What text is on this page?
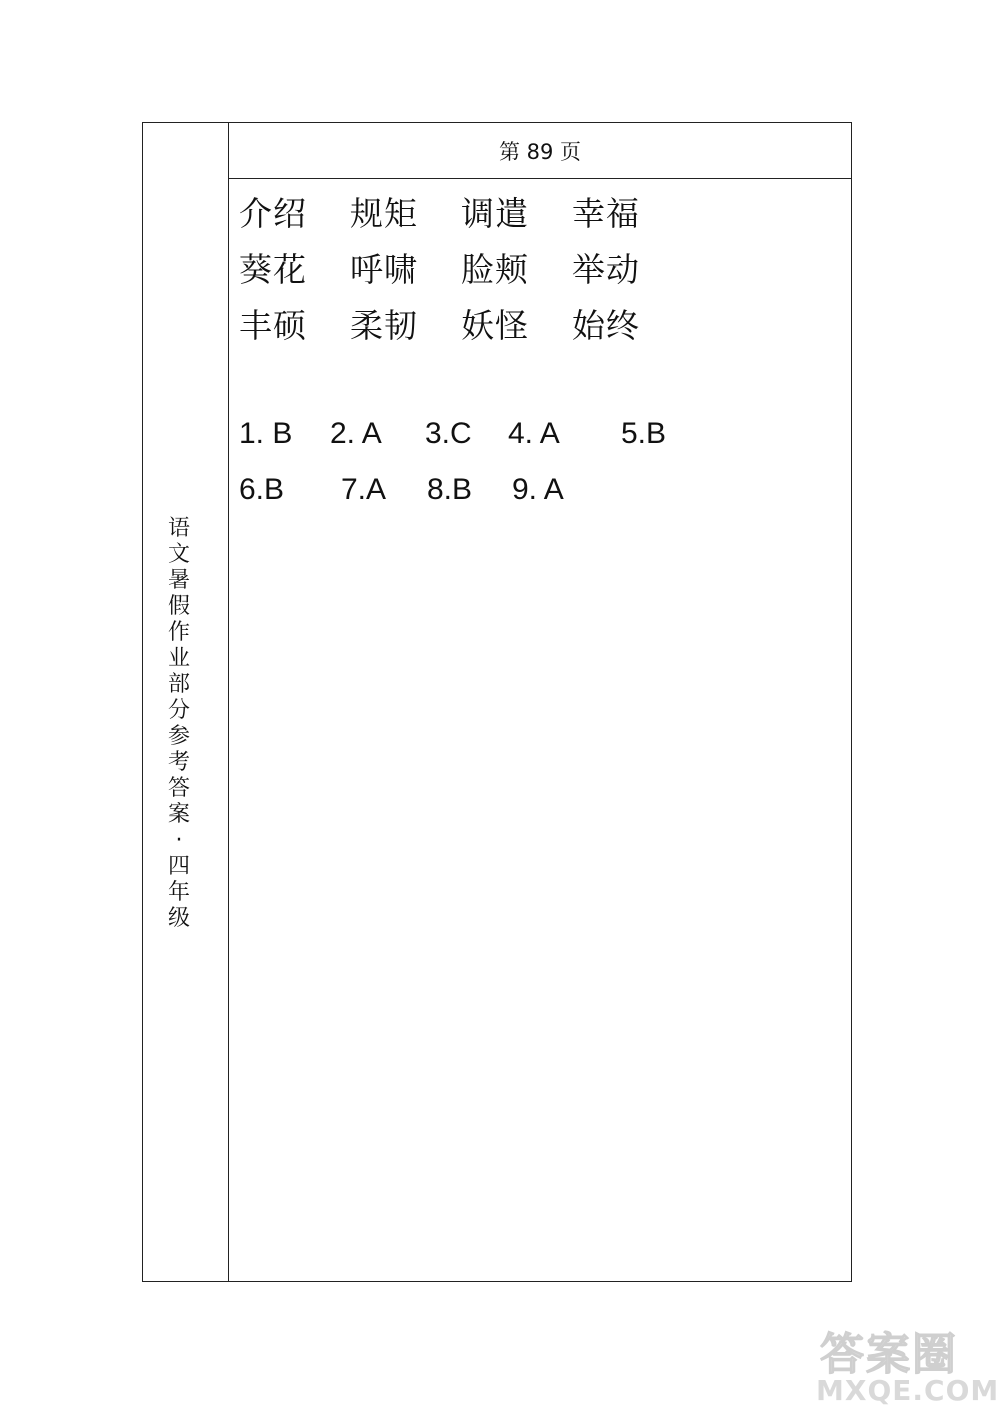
语文暑假作业部分参考答案·四年级
第 89 页
介绍	规矩	调遣	幸福
葵花	呼啸	脸颊	举动
丰硕	柔韧	妖怪	始终
1. B 2. A 3.C 4. A 5.B
6.B 7.A 8.B 9. A
答案圈
MXQE.COM
